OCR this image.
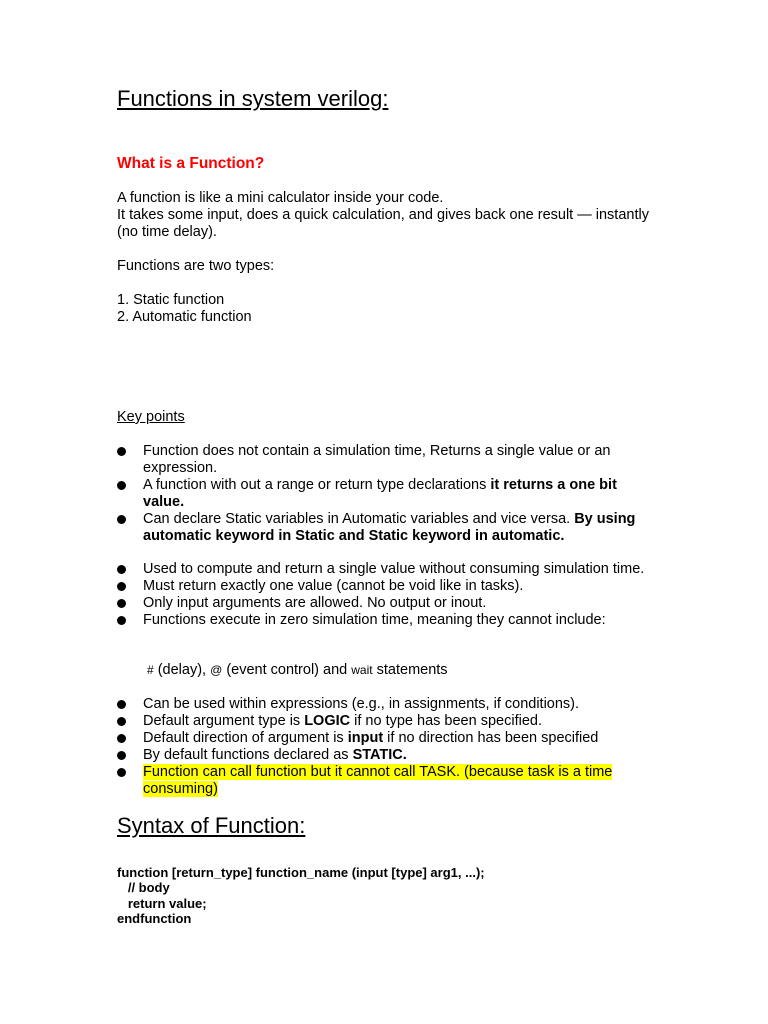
Functions in system verilog:
What is a Function?

A function is like a mini calculator inside your code.
It takes some input, does a quick calculation, and gives back one result — instantly (no time delay).

Functions are two types:

1. Static function
2. Automatic function

Key points

Function does not contain a simulation time, Returns a single value or an expression.
A function with out a range or return type declarations it returns a one bit value.
Can declare Static variables in Automatic variables and vice versa. By using automatic keyword in Static and Static keyword in automatic.
Used to compute and return a single value without consuming simulation time.
Must return exactly one value (cannot be void like in tasks).
Only input arguments are allowed. No output or inout.
Functions execute in zero simulation time, meaning they cannot include:

# (delay), @ (event control) and wait statements

Can be used within expressions (e.g., in assignments, if conditions).
Default argument type is LOGIC if no type has been specified.
Default direction of argument is input if no direction has been specified
By default functions declared as STATIC.
Function can call function but it cannot call TASK. (because task is a time consuming)
Syntax of Function:
function [return_type] function_name (input [type] arg1, ...);
// body
return value;
endfunction
